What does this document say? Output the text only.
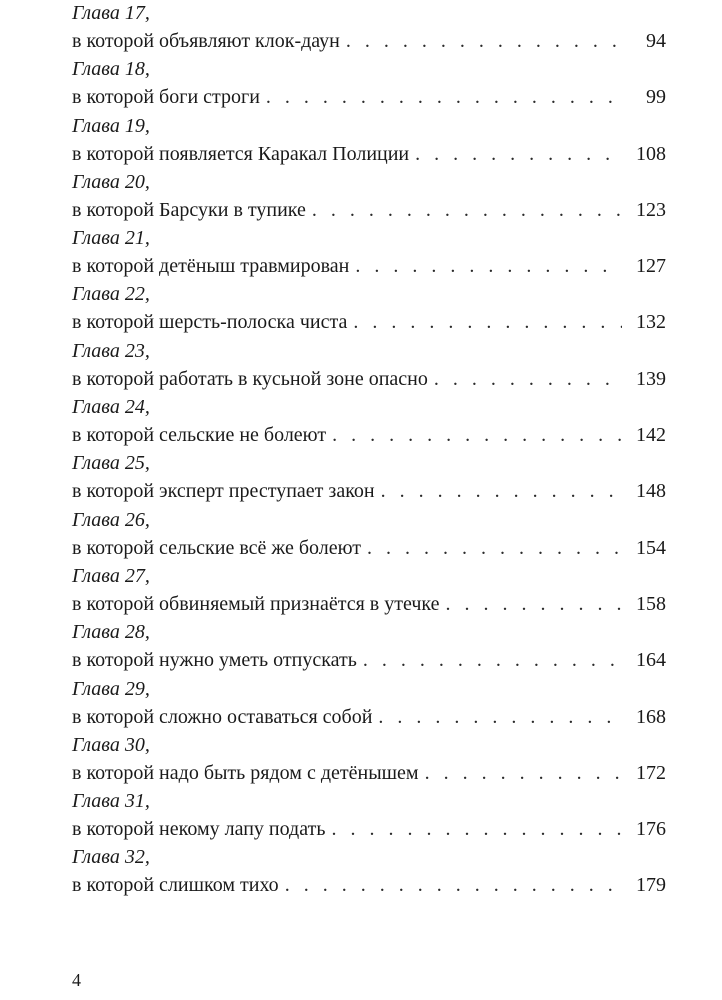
Глава 17,
в которой объявляют клок-даун . . .	94
Глава 18,
в которой боги строги . . .	99
Глава 19,
в которой появляется Каракал Полиции . . .	108
Глава 20,
в которой Барсуки в тупике . . .	123
Глава 21,
в которой детёныш травмирован . . .	127
Глава 22,
в которой шерсть-полоска чиста . . .	132
Глава 23,
в которой работать в кусьной зоне опасно . . .	139
Глава 24,
в которой сельские не болеют . . .	142
Глава 25,
в которой эксперт преступает закон . . .	148
Глава 26,
в которой сельские всё же болеют . . .	154
Глава 27,
в которой обвиняемый признаётся в утечке . . .	158
Глава 28,
в которой нужно уметь отпускать . . .	164
Глава 29,
в которой сложно оставаться собой . . .	168
Глава 30,
в которой надо быть рядом с детёнышем . . .	172
Глава 31,
в которой некому лапу подать . . .	176
Глава 32,
в которой слишком тихо . . .	179
4
